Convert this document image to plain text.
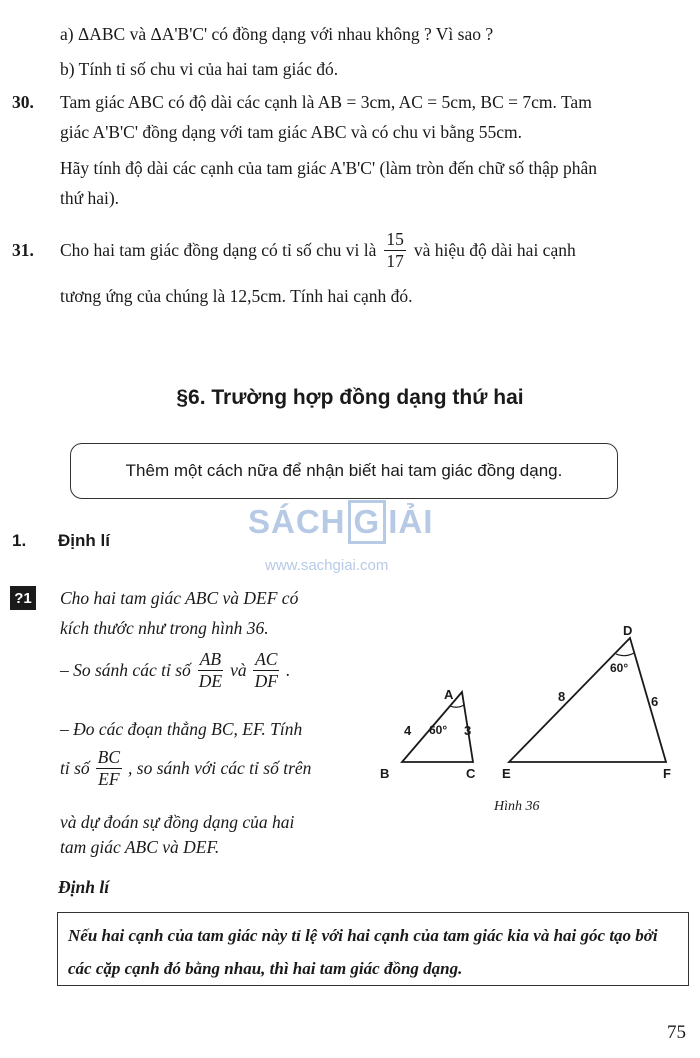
a) ΔABC và ΔA'B'C' có đồng dạng với nhau không ? Vì sao ?
b) Tính tỉ số chu vi của hai tam giác đó.
30. Tam giác ABC có độ dài các cạnh là AB = 3cm, AC = 5cm, BC = 7cm. Tam
giác A'B'C' đồng dạng với tam giác ABC và có chu vi bằng 55cm.
Hãy tính độ dài các cạnh của tam giác A'B'C' (làm tròn đến chữ số thập phân
thứ hai).
31. Cho hai tam giác đồng dạng có tỉ số chu vi là $\frac{15}{17}$ và hiệu độ dài hai cạnh
tương ứng của chúng là 12,5cm. Tính hai cạnh đó.
§6. Trường hợp đồng dạng thứ hai
Thêm một cách nữa để nhận biết hai tam giác đồng dạng.
SÁCH G IẢI
www.sachgiai.com
1. Định lí
?1 Cho hai tam giác ABC và DEF có
kích thước như trong hình 36.
– So sánh các tỉ số $\frac{AB}{DE}$ và $\frac{AC}{DF}$ .
– Đo các đoạn thẳng BC, EF. Tính
tỉ số $\frac{BC}{EF}$ , so sánh với các tỉ số trên
và dự đoán sự đồng dạng của hai
tam giác ABC và DEF.
A
B	C
4	3
60°
D
E	F
8	6
60°
Hình 36
Định lí
Nếu hai cạnh của tam giác này tỉ lệ với hai cạnh của tam giác kia và hai góc tạo bởi các cặp cạnh đó bằng nhau, thì hai tam giác đồng dạng.
75
